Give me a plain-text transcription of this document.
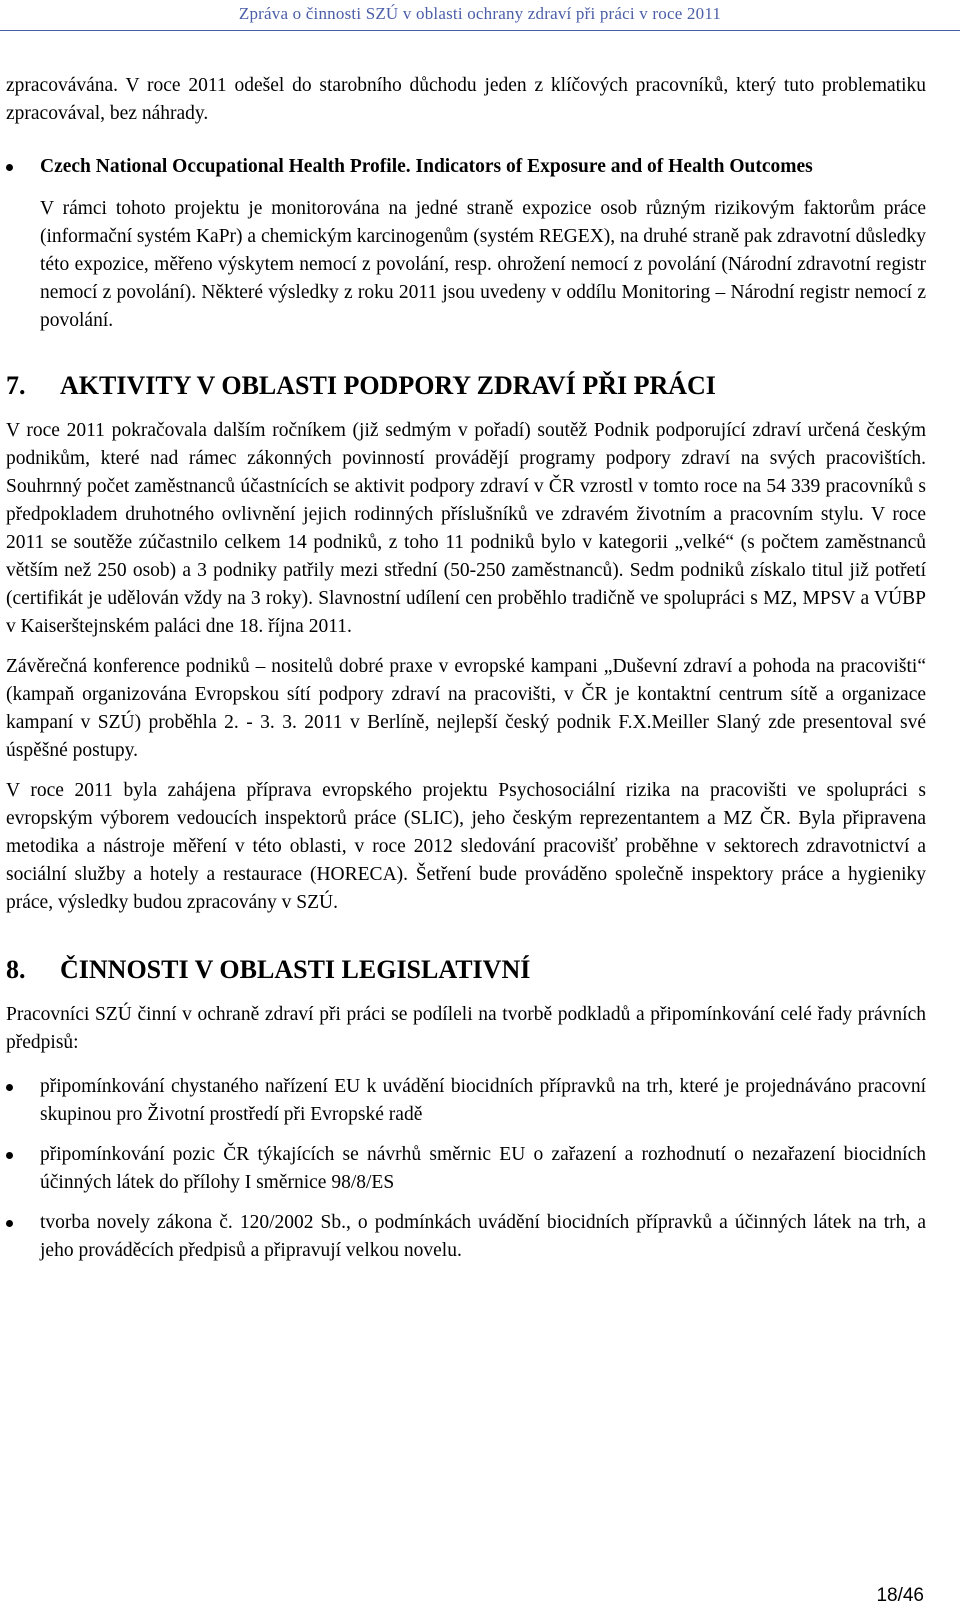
Zpráva o činnosti SZÚ v oblasti ochrany zdraví při práci v roce 2011

zpracovávána. V roce 2011 odešel do starobního důchodu jeden z klíčových pracovníků, který tuto problematiku zpracovával, bez náhrady.

Czech National Occupational Health Profile. Indicators of Exposure and of Health Outcomes

V rámci tohoto projektu je monitorována na jedné straně expozice osob různým rizikovým faktorům práce (informační systém KaPr) a chemickým karcinogenům (systém REGEX), na druhé straně pak zdravotní důsledky této expozice, měřeno výskytem nemocí z povolání, resp. ohrožení nemocí z povolání (Národní zdravotní registr nemocí z povolání). Některé výsledky z roku 2011 jsou uvedeny v oddílu Monitoring – Národní registr nemocí z povolání.

7.	AKTIVITY V OBLASTI PODPORY ZDRAVÍ PŘI PRÁCI

V roce 2011 pokračovala dalším ročníkem (již sedmým v pořadí) soutěž Podnik podporující zdraví určená českým podnikům, které nad rámec zákonných povinností provádějí programy podpory zdraví na svých pracovištích. Souhrnný počet zaměstnanců účastnících se aktivit podpory zdraví v ČR vzrostl v tomto roce na 54 339 pracovníků s předpokladem druhotného ovlivnění jejich rodinných příslušníků ve zdravém životním a pracovním stylu. V roce 2011 se soutěže zúčastnilo celkem 14 podniků, z toho 11 podniků bylo v kategorii „velké“ (s počtem zaměstnanců větším než 250 osob) a 3 podniky patřily mezi střední (50-250 zaměstnanců). Sedm podniků získalo titul již potřetí (certifikát je udělován vždy na 3 roky). Slavnostní udílení cen proběhlo tradičně ve spolupráci s MZ, MPSV a VÚBP v Kaiserštejnském paláci dne 18. října 2011.

Závěrečná konference podniků – nositelů dobré praxe v evropské kampani „Duševní zdraví a pohoda na pracovišti“ (kampaň organizována Evropskou sítí podpory zdraví na pracovišti, v ČR je kontaktní centrum sítě a organizace kampaní v SZÚ) proběhla 2. - 3. 3. 2011 v Berlíně, nejlepší český podnik F.X.Meiller Slaný zde presentoval své úspěšné postupy.

V roce 2011 byla zahájena příprava evropského projektu Psychosociální rizika na pracovišti ve spolupráci s evropským výborem vedoucích inspektorů práce (SLIC), jeho českým reprezentantem a MZ ČR. Byla připravena metodika a nástroje měření v této oblasti, v roce 2012 sledování pracovišť proběhne v sektorech zdravotnictví a sociální služby a hotely a restaurace (HORECA). Šetření bude prováděno společně inspektory práce a hygieniky práce, výsledky budou zpracovány v SZÚ.

8.	ČINNOSTI V OBLASTI LEGISLATIVNÍ

Pracovníci SZÚ činní v ochraně zdraví při práci se podíleli na tvorbě podkladů a připomínkování celé řady právních předpisů:

připomínkování chystaného nařízení EU k uvádění biocidních přípravků na trh, které je projednáváno pracovní skupinou pro Životní prostředí při Evropské radě
připomínkování pozic ČR týkajících se návrhů směrnic EU o zařazení a rozhodnutí o nezařazení biocidních účinných látek do přílohy I směrnice 98/8/ES
tvorba novely zákona č. 120/2002 Sb., o podmínkách uvádění biocidních přípravků a účinných látek na trh, a jeho prováděcích předpisů a připravují velkou novelu.
18/46
